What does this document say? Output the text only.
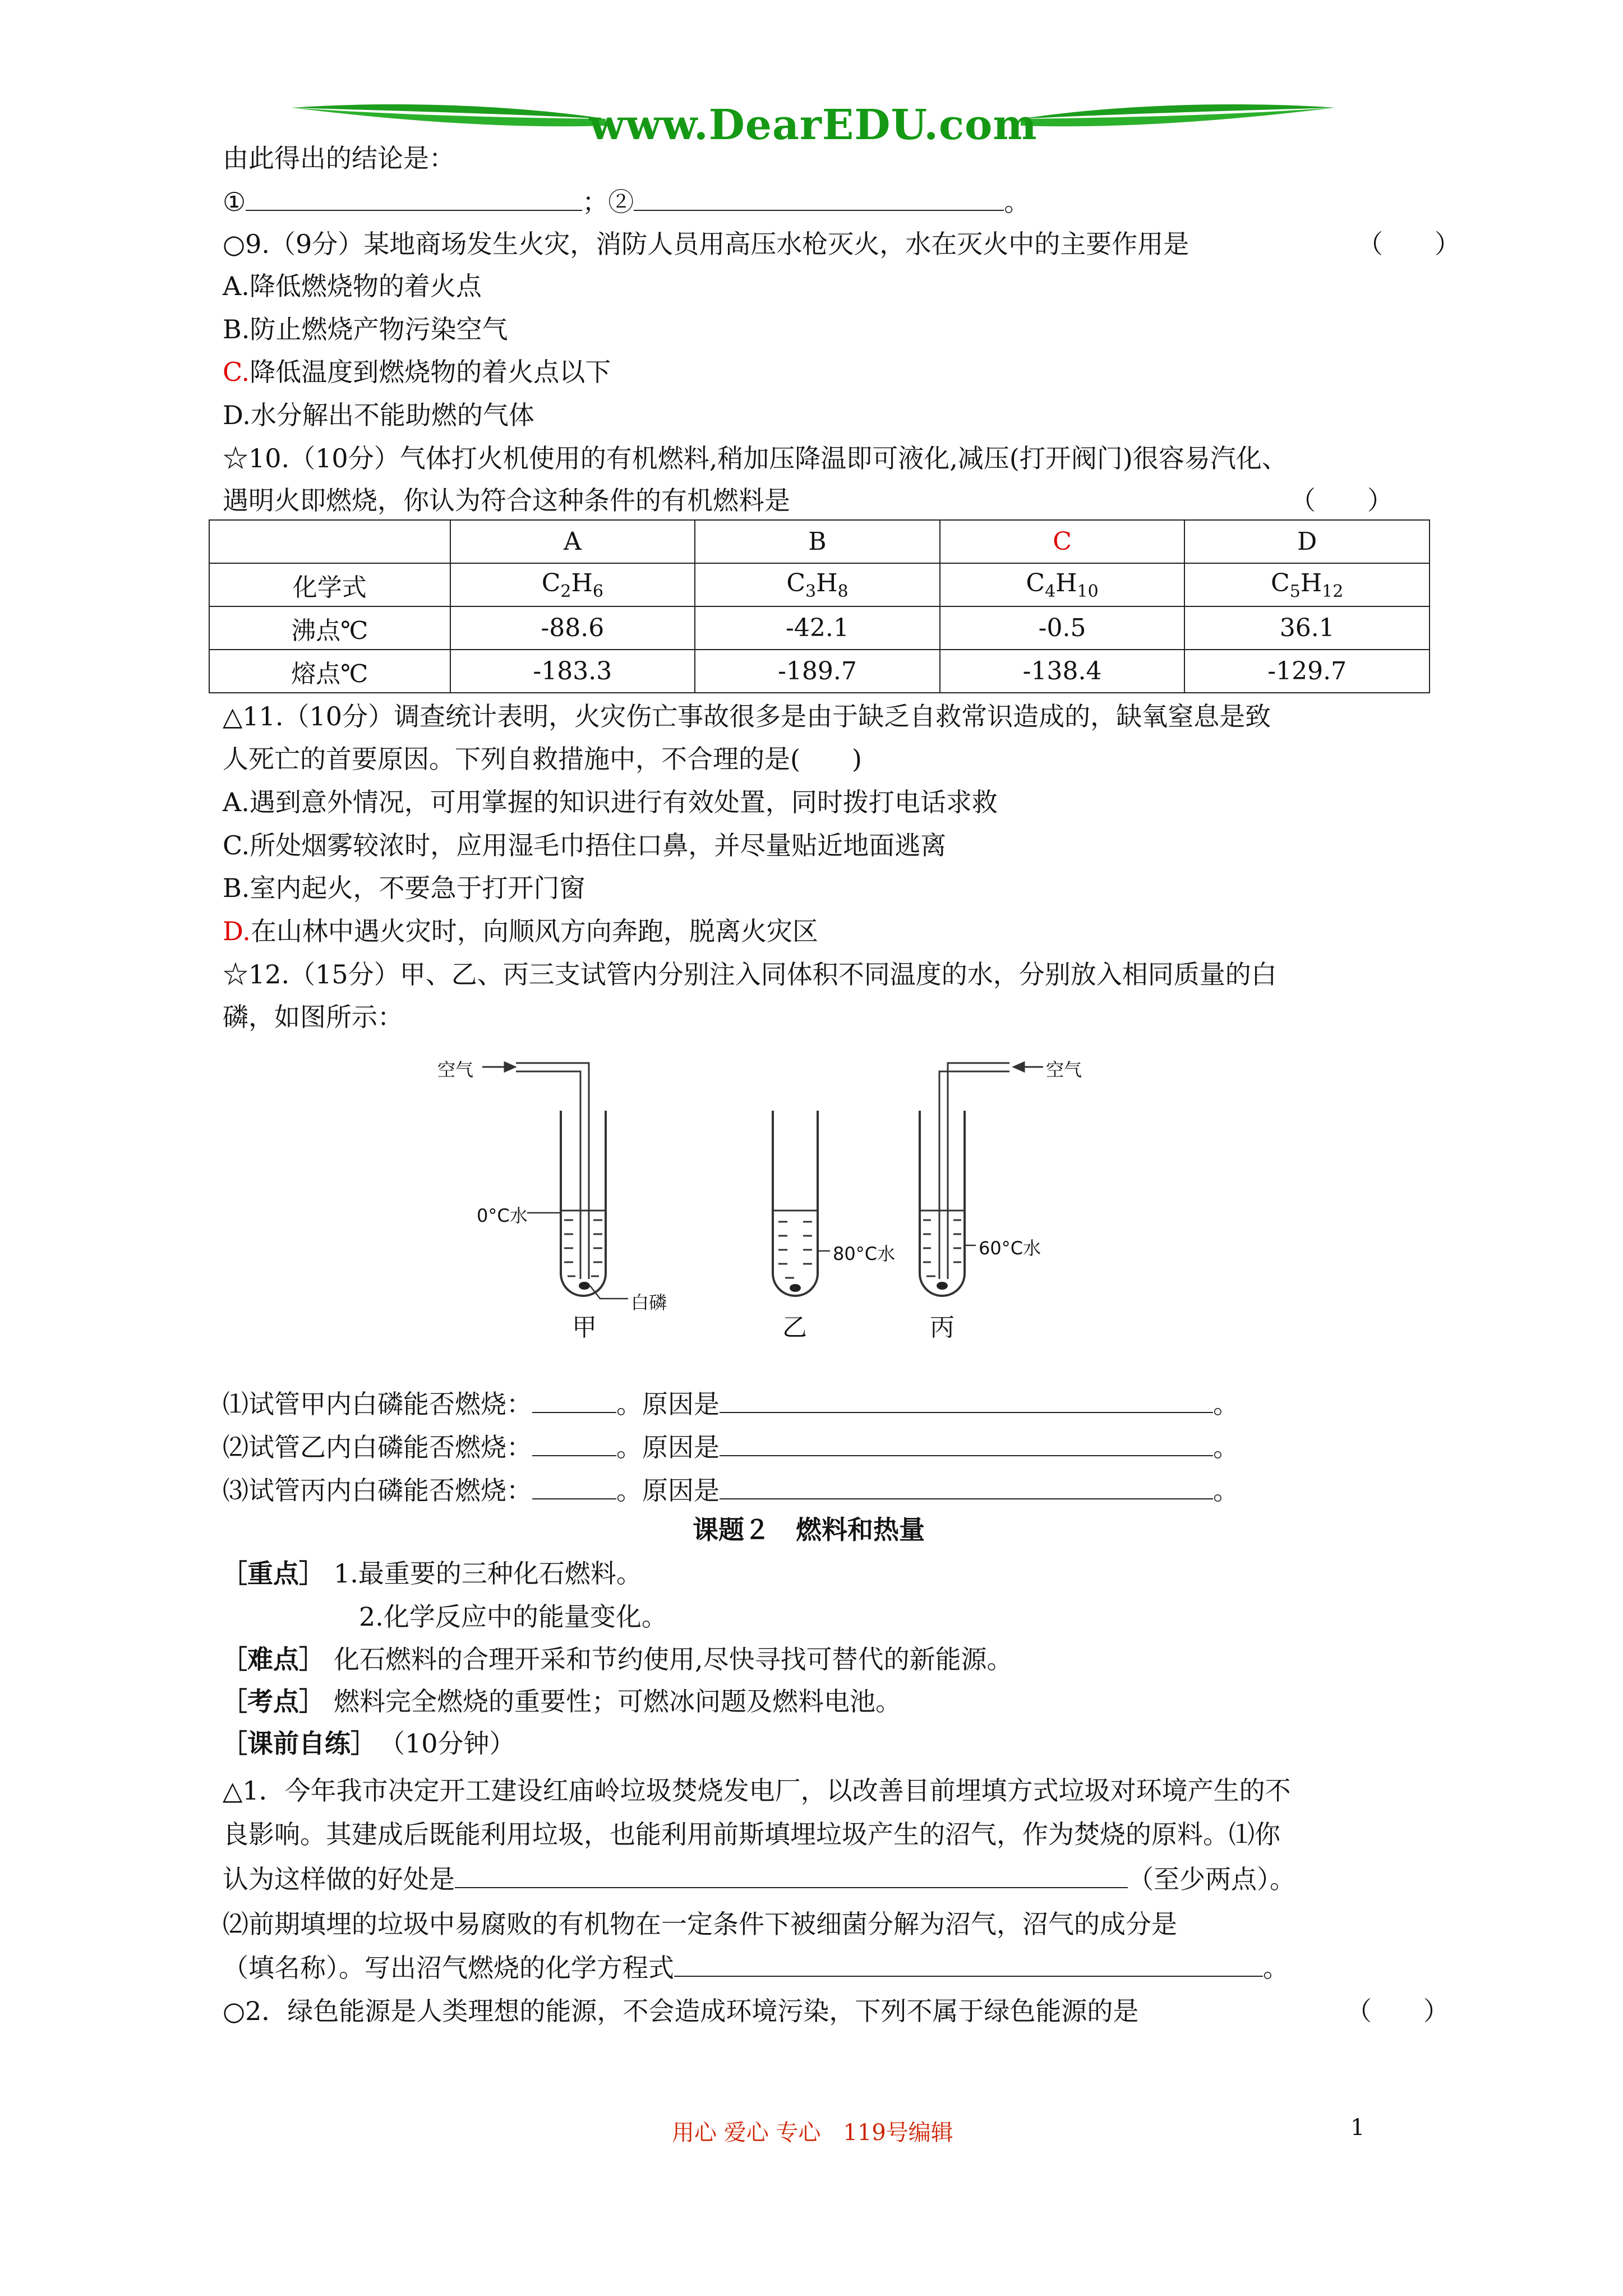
www.DearEDU.com
由此得出的结论是：
①	；②	。
○9.（9分）某地商场发生火灾，消防人员用高压水枪灭火，水在灭火中的主要作用是	（　　）
A.降低燃烧物的着火点
B.防止燃烧产物污染空气
C.降低温度到燃烧物的着火点以下
D.水分解出不能助燃的气体
☆10.（10分）气体打火机使用的有机燃料,稍加压降温即可液化,减压(打开阀门)很容易汽化、
遇明火即燃烧，你认为符合这种条件的有机燃料是	（　　）
	A	B	C	D
化学式	$C_2H_6$	$C_3H_8$	$C_4H_{10}$	$C_5H_{12}$
沸点℃	-88.6	-42.1	-0.5	36.1
熔点℃	-183.3	-189.7	-138.4	-129.7
△11.（10分）调查统计表明，火灾伤亡事故很多是由于缺乏自救常识造成的，缺氧窒息是致
人死亡的首要原因。下列自救措施中，不合理的是(　　)
A.遇到意外情况，可用掌握的知识进行有效处置，同时拨打电话求救
C.所处烟雾较浓时，应用湿毛巾捂住口鼻，并尽量贴近地面逃离
B.室内起火，不要急于打开门窗
D.在山林中遇火灾时，向顺风方向奔跑，脱离火灾区
☆12.（15分）甲、乙、丙三支试管内分别注入同体积不同温度的水，分别放入相同质量的白
磷，如图所示：
空气	空气
0°C水
白磷
80°C水	60°C水
甲	乙	丙
⑴试管甲内白磷能否燃烧：	。原因是	。
⑵试管乙内白磷能否燃烧：	。原因是	。
⑶试管丙内白磷能否燃烧：	。原因是	。
课题２　燃料和热量
［重点］ 1.最重要的三种化石燃料。
2.化学反应中的能量变化。
［难点］ 化石燃料的合理开采和节约使用,尽快寻找可替代的新能源。
［考点］ 燃料完全燃烧的重要性；可燃冰问题及燃料电池。
［课前自练］ （10分钟）
△1．今年我市决定开工建设红庙岭垃圾焚烧发电厂，以改善目前埋填方式垃圾对环境产生的不
良影响。其建成后既能利用垃圾，也能利用前斯填埋垃圾产生的沼气，作为焚烧的原料。⑴你
认为这样做的好处是	（至少两点）。
⑵前期填埋的垃圾中易腐败的有机物在一定条件下被细菌分解为沼气，沼气的成分是
（填名称）。写出沼气燃烧的化学方程式	。
○2．绿色能源是人类理想的能源，不会造成环境污染，下列不属于绿色能源的是	（　　）
用心 爱心 专心　119号编辑	1
